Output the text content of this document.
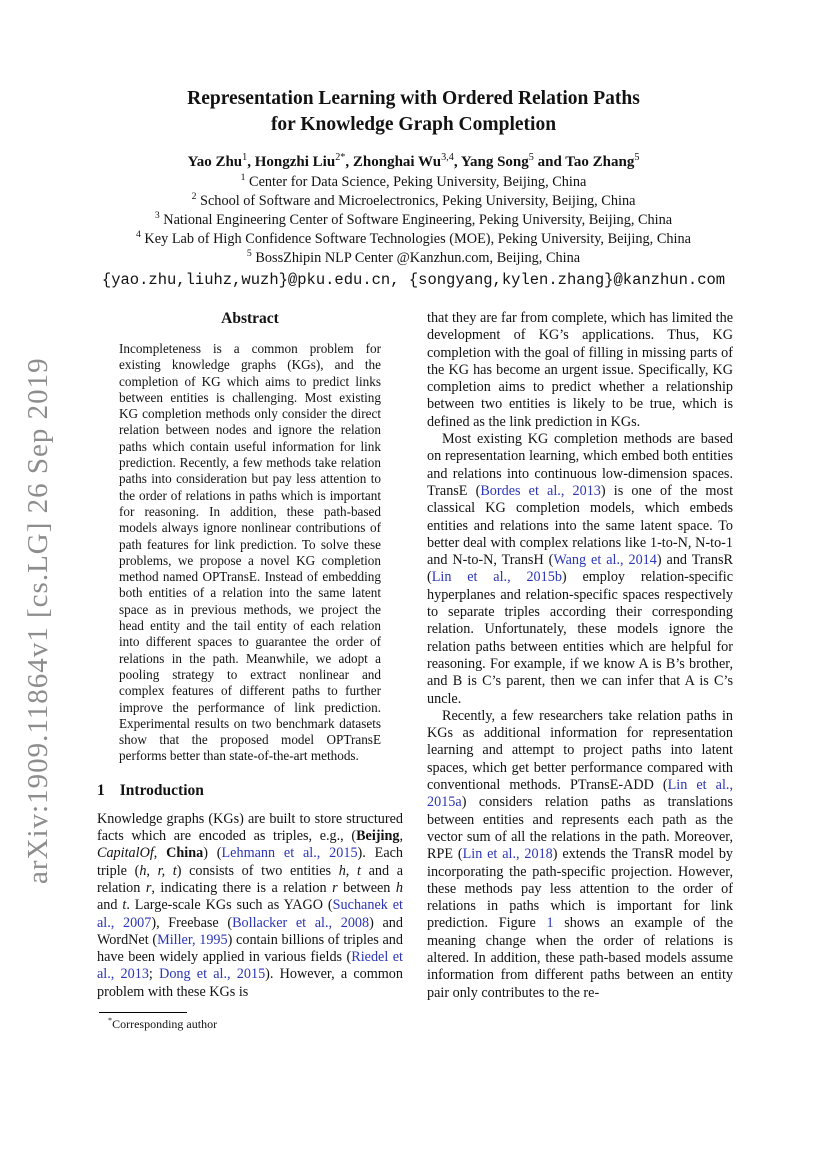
arXiv:1909.11864v1 [cs.LG] 26 Sep 2019
Representation Learning with Ordered Relation Paths
for Knowledge Graph Completion
Yao Zhu$^1$, Hongzhi Liu$^{2*}$, Zhonghai Wu$^{3,4}$, Yang Song$^5$ and Tao Zhang$^5$
$^1$ Center for Data Science, Peking University, Beijing, China
$^2$ School of Software and Microelectronics, Peking University, Beijing, China
$^3$ National Engineering Center of Software Engineering, Peking University, Beijing, China
$^4$ Key Lab of High Confidence Software Technologies (MOE), Peking University, Beijing, China
$^5$ BossZhipin NLP Center @Kanzhun.com, Beijing, China
{yao.zhu,liuhz,wuzh}@pku.edu.cn, {songyang,kylen.zhang}@kanzhun.com
Abstract

Incompleteness is a common problem for existing knowledge graphs (KGs), and the completion of KG which aims to predict links between entities is challenging. Most existing KG completion methods only consider the direct relation between nodes and ignore the relation paths which contain useful information for link prediction. Recently, a few methods take relation paths into consideration but pay less attention to the order of relations in paths which is important for reasoning. In addition, these path-based models always ignore nonlinear contributions of path features for link prediction. To solve these problems, we propose a novel KG completion method named OPTransE. Instead of embedding both entities of a relation into the same latent space as in previous methods, we project the head entity and the tail entity of each relation into different spaces to guarantee the order of relations in the path. Meanwhile, we adopt a pooling strategy to extract nonlinear and complex features of different paths to further improve the performance of link prediction. Experimental results on two benchmark datasets show that the proposed model OPTransE performs better than state-of-the-art methods.

1 Introduction

Knowledge graphs (KGs) are built to store structured facts which are encoded as triples, e.g., (Beijing, CapitalOf, China) (Lehmann et al., 2015). Each triple (h, r, t) consists of two entities h, t and a relation r, indicating there is a relation r between h and t. Large-scale KGs such as YAGO (Suchanek et al., 2007), Freebase (Bollacker et al., 2008) and WordNet (Miller, 1995) contain billions of triples and have been widely applied in various fields (Riedel et al., 2013; Dong et al., 2015). However, a common problem with these KGs is

*Corresponding author

that they are far from complete, which has limited the development of KG’s applications. Thus, KG completion with the goal of filling in missing parts of the KG has become an urgent issue. Specifically, KG completion aims to predict whether a relationship between two entities is likely to be true, which is defined as the link prediction in KGs.

Most existing KG completion methods are based on representation learning, which embed both entities and relations into continuous low-dimension spaces. TransE (Bordes et al., 2013) is one of the most classical KG completion models, which embeds entities and relations into the same latent space. To better deal with complex relations like 1-to-N, N-to-1 and N-to-N, TransH (Wang et al., 2014) and TransR (Lin et al., 2015b) employ relation-specific hyperplanes and relation-specific spaces respectively to separate triples according their corresponding relation. Unfortunately, these models ignore the relation paths between entities which are helpful for reasoning. For example, if we know A is B’s brother, and B is C’s parent, then we can infer that A is C’s uncle.

Recently, a few researchers take relation paths in KGs as additional information for representation learning and attempt to project paths into latent spaces, which get better performance compared with conventional methods. PTransE-ADD (Lin et al., 2015a) considers relation paths as translations between entities and represents each path as the vector sum of all the relations in the path. Moreover, RPE (Lin et al., 2018) extends the TransR model by incorporating the path-specific projection. However, these methods pay less attention to the order of relations in paths which is important for link prediction. Figure 1 shows an example of the meaning change when the order of relations is altered. In addition, these path-based models assume information from different paths between an entity pair only contributes to the re-
